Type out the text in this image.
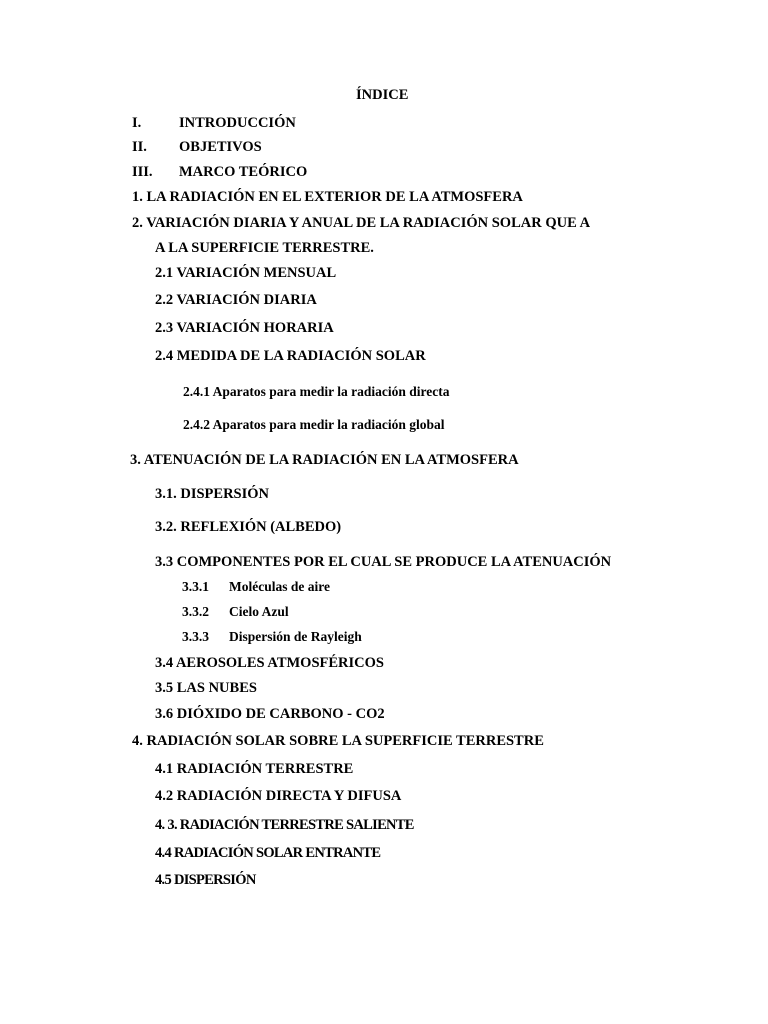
ÍNDICE
I.	INTRODUCCIÓN
II. OBJETIVOS
III. MARCO TEÓRICO
1. LA RADIACIÓN EN EL EXTERIOR DE LA ATMOSFERA
2. VARIACIÓN DIARIA Y ANUAL DE LA RADIACIÓN SOLAR QUE A
A LA SUPERFICIE TERRESTRE.
2.1 VARIACIÓN MENSUAL
2.2 VARIACIÓN DIARIA
2.3 VARIACIÓN HORARIA
2.4 MEDIDA DE LA RADIACIÓN SOLAR
2.4.1 Aparatos para medir la radiación directa
2.4.2 Aparatos para medir la radiación global
3. ATENUACIÓN DE LA RADIACIÓN EN LA ATMOSFERA
3.1. DISPERSIÓN
3.2. REFLEXIÓN (ALBEDO)
3.3 COMPONENTES POR EL CUAL SE PRODUCE LA ATENUACIÓN
3.3.1 Moléculas de aire
3.3.2 Cielo Azul
3.3.3 Dispersión de Rayleigh
3.4 AEROSOLES ATMOSFÉRICOS
3.5 LAS NUBES
3.6 DIÓXIDO DE CARBONO - CO2
4. RADIACIÓN SOLAR SOBRE LA SUPERFICIE TERRESTRE
4.1 RADIACIÓN TERRESTRE
4.2 RADIACIÓN DIRECTA Y DIFUSA
4. 3. RADIACIÓN TERRESTRE SALIENTE
4.4 RADIACIÓN SOLAR ENTRANTE
4.5 DISPERSIÓN
